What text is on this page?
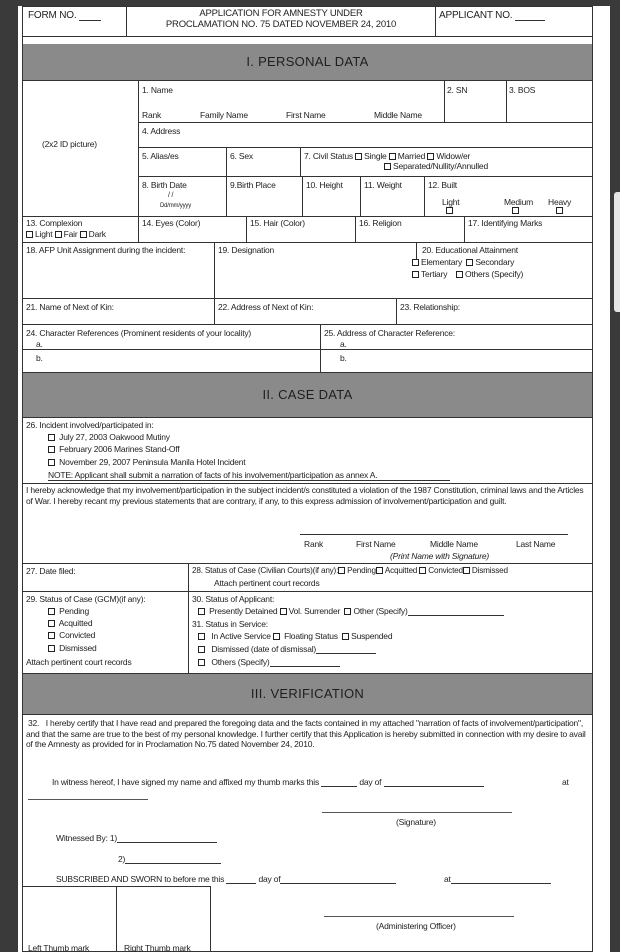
FORM NO.	APPLICATION FOR AMNESTY UNDER
PROCLAMATION NO. 75 DATED NOVEMBER 24, 2010
APPLICANT NO.
I. PERSONAL DATA
(2x2 ID picture)
1. Name	2. SN	3. BOS
Rank	Family Name	First Name	Middle Name
4. Address
5. Alias/es	6. Sex	7. Civil Status Single Married Widow/er
Separated/Nullity/Annulled
8. Birth Date
/ /
Dd/mm/yyyy
9.Birth Place	10. Height	11. Weight	12. Built
Light	Medium Heavy
13. Complexion
Light Fair Dark
14. Eyes (Color)	15. Hair (Color)	16. Religion	17. Identifying Marks
18. AFP Unit Assignment during the incident:	19. Designation	20. Educational Attainment
Elementary Secondary
Tertiary Others (Specify)
21. Name of Next of Kin:	22. Address of Next of Kin:	23. Relationship:
24. Character References (Prominent residents of your locality)	25. Address of Character Reference:
a.	a.
b.	b.
II. CASE DATA
26. Incident involved/participated in:
July 27, 2003 Oakwood Mutiny
February 2006 Marines Stand-Off
November 29, 2007 Peninsula Manila Hotel Incident
NOTE: Applicant shall submit a narration of facts of his involvement/participation as annex A.
I hereby acknowledge that my involvement/participation in the subject incident/s constituted a violation of the 1987 Constitution, criminal laws and the Articles of War. I hereby recant my previous statements that are contrary, if any, to this express admission of involvement/participation and guilt.
Rank	First Name	Middle Name	Last Name
(Print Name with Signature)
27. Date filed:	28. Status of Case (Civilian Courts)(if any): Pending Acquitted Convicted Dismissed
Attach pertinent court records
29. Status of Case (GCM)(if any):
Pending
Acquitted
Convicted
Dismissed
Attach pertinent court records
30. Status of Applicant:
Presently Detained Vol. Surrender Other (Specify)
31. Status in Service:
In Active Service Floating Status Suspended
Dismissed (date of dismissal)
Others (Specify)
III. VERIFICATION
32. I hereby certify that I have read and prepared the foregoing data and the facts contained in my attached "narration of facts of involvement/participation", and that the same are true to the best of my personal knowledge. I further certify that this Application is hereby submitted in connection with my desire to avail of the Amnesty as provided for in Proclamation No.75 dated November 24, 2010.
In witness hereof, I have signed my name and affixed my thumb marks this	day of	at
(Signature)
Witnessed By: 1)
2)
SUBSCRIBED AND SWORN to before me this	day of	at
(Administering Officer)
Left Thumb mark	Right Thumb mark
